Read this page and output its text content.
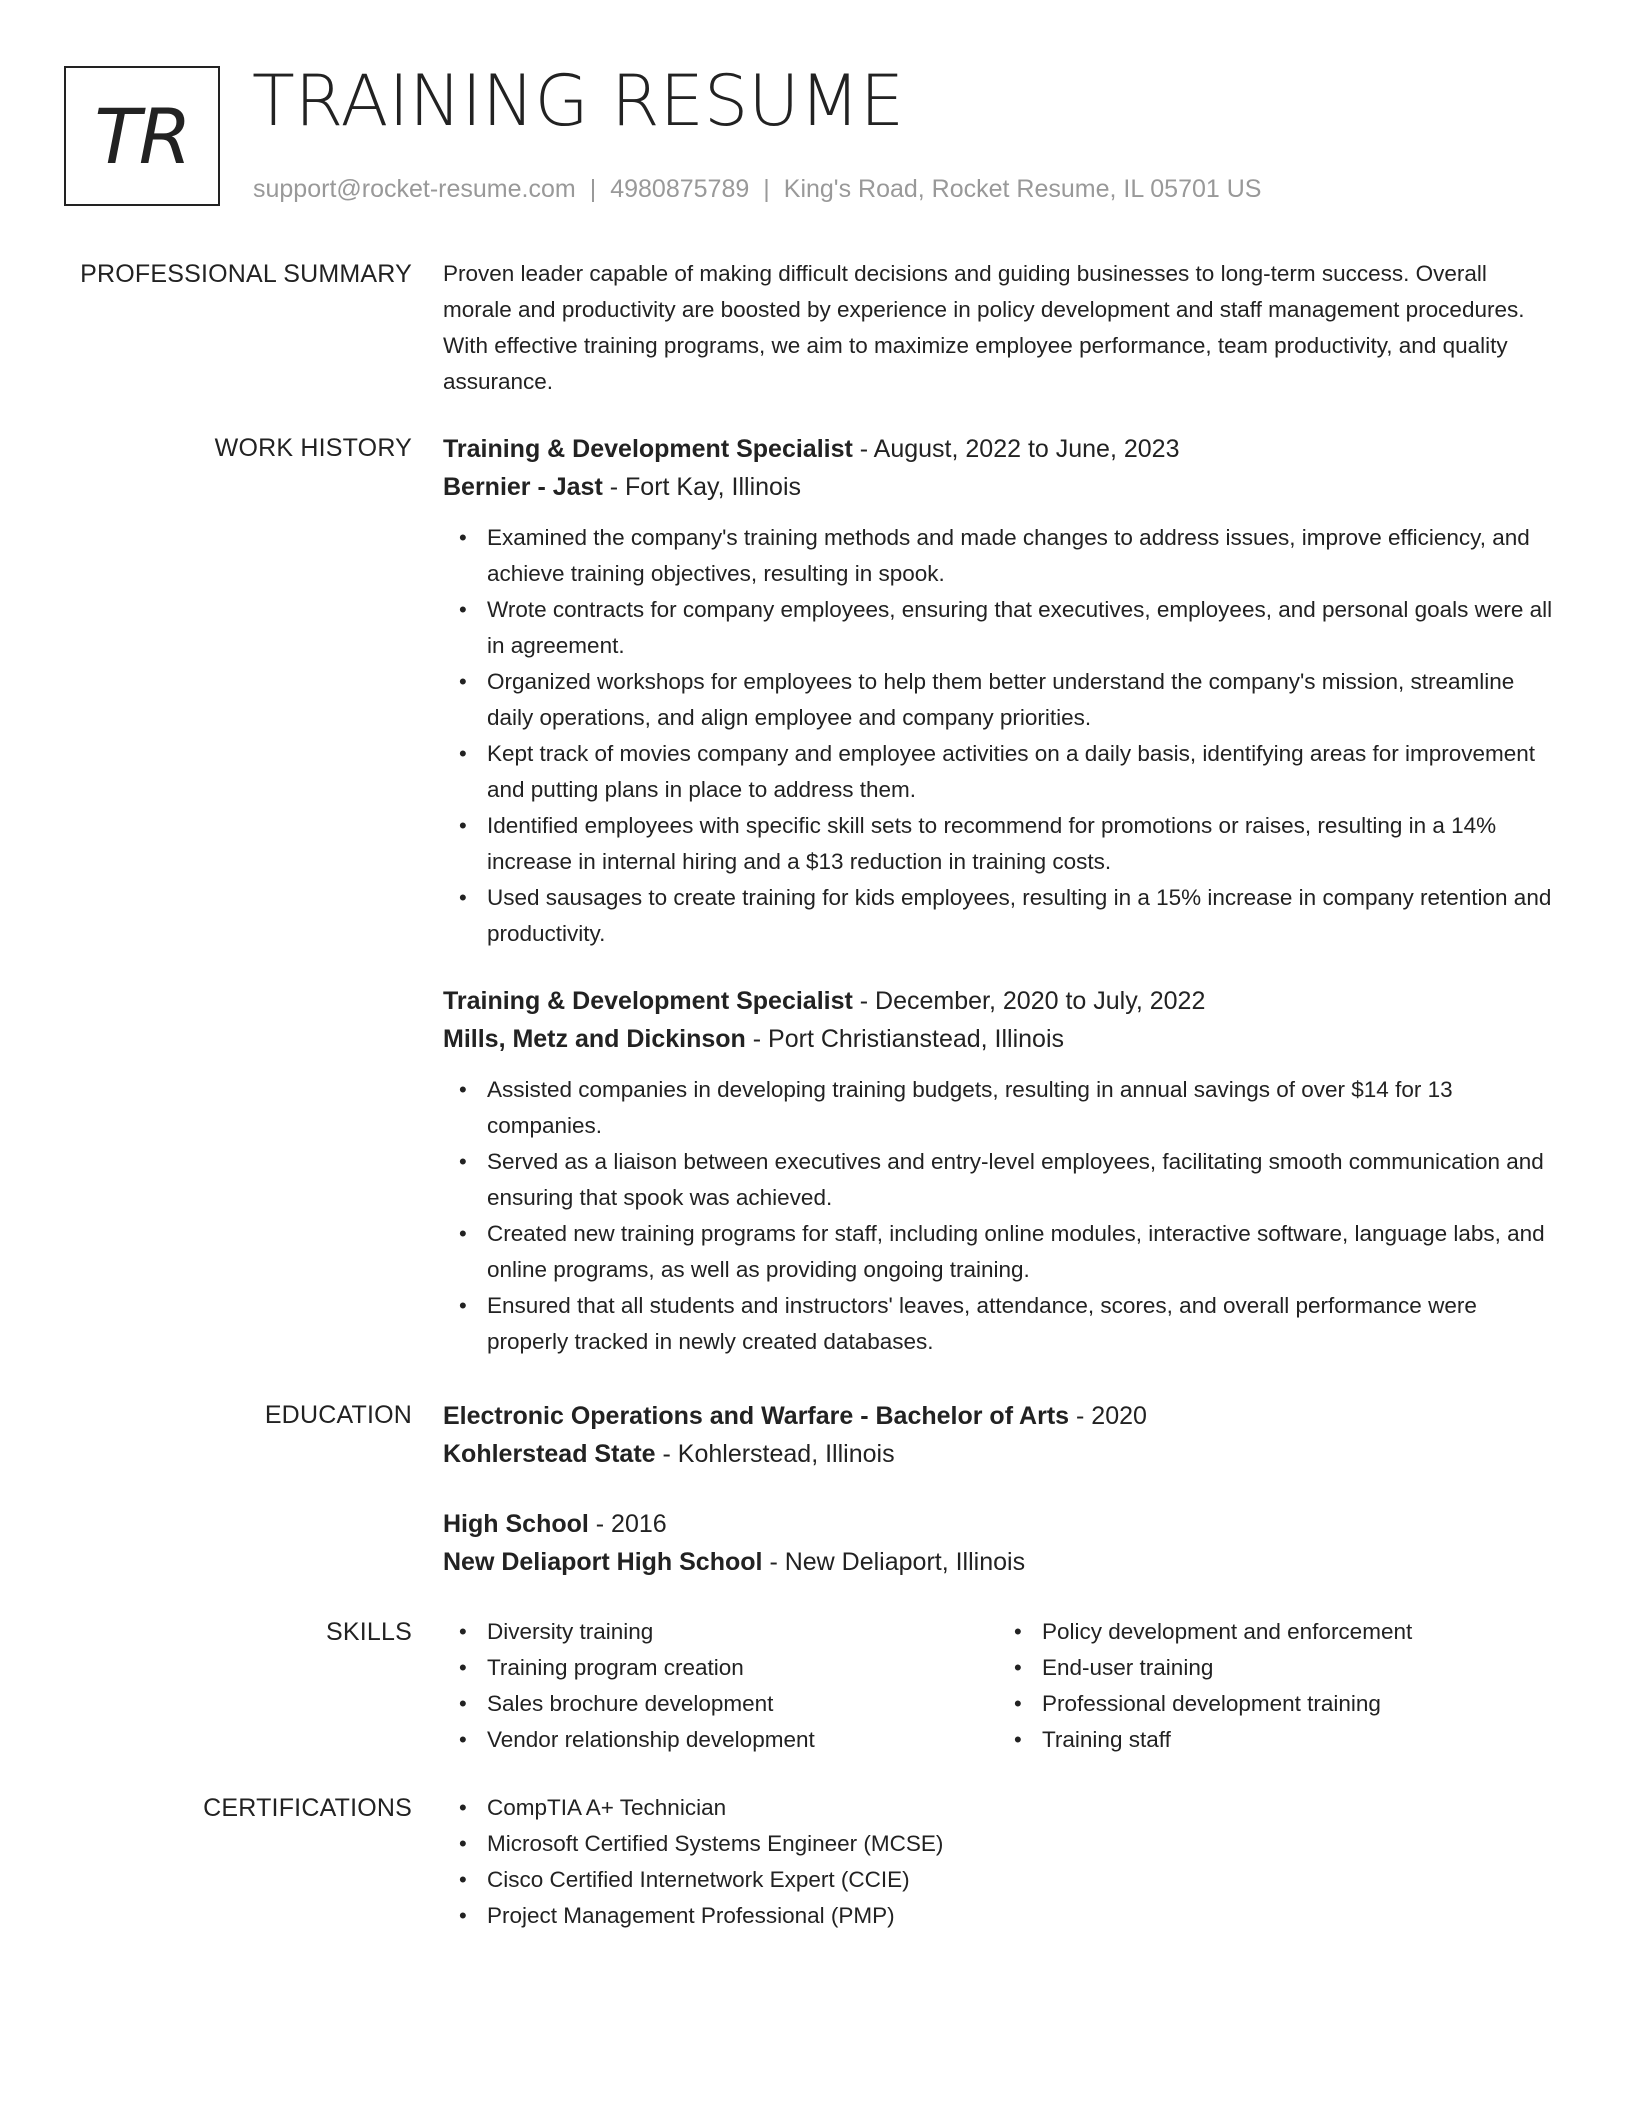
TR TRAINING RESUME
support@rocket-resume.com | 4980875789 | King's Road, Rocket Resume, IL 05701 US
PROFESSIONAL SUMMARY Proven leader capable of making difficult decisions and guiding businesses to long-term success. Overall morale and productivity are boosted by experience in policy development and staff management procedures. With effective training programs, we aim to maximize employee performance, team productivity, and quality assurance.

WORK HISTORY Training & Development Specialist - August, 2022 to June, 2023
Bernier - Jast - Fort Kay, Illinois
• Examined the company's training methods and made changes to address issues, improve efficiency, and achieve training objectives, resulting in spook.
• Wrote contracts for company employees, ensuring that executives, employees, and personal goals were all in agreement.
• Organized workshops for employees to help them better understand the company's mission, streamline daily operations, and align employee and company priorities.
• Kept track of movies company and employee activities on a daily basis, identifying areas for improvement and putting plans in place to address them.
• Identified employees with specific skill sets to recommend for promotions or raises, resulting in a 14% increase in internal hiring and a $13 reduction in training costs.
• Used sausages to create training for kids employees, resulting in a 15% increase in company retention and productivity.
Training & Development Specialist - December, 2020 to July, 2022
Mills, Metz and Dickinson - Port Christianstead, Illinois
• Assisted companies in developing training budgets, resulting in annual savings of over $14 for 13 companies.
• Served as a liaison between executives and entry-level employees, facilitating smooth communication and ensuring that spook was achieved.
• Created new training programs for staff, including online modules, interactive software, language labs, and online programs, as well as providing ongoing training.
• Ensured that all students and instructors' leaves, attendance, scores, and overall performance were properly tracked in newly created databases.
EDUCATION Electronic Operations and Warfare - Bachelor of Arts - 2020
Kohlerstead State - Kohlerstead, Illinois
High School - 2016
New Deliaport High School - New Deliaport, Illinois
SKILLS	• Diversity training
• Training program creation
• Sales brochure development
• Vendor relationship development
• Policy development and enforcement
• End-user training
• Professional development training
• Training staff
CERTIFICATIONS	• CompTIA A+ Technician
• Microsoft Certified Systems Engineer (MCSE)
• Cisco Certified Internetwork Expert (CCIE)
• Project Management Professional (PMP)
